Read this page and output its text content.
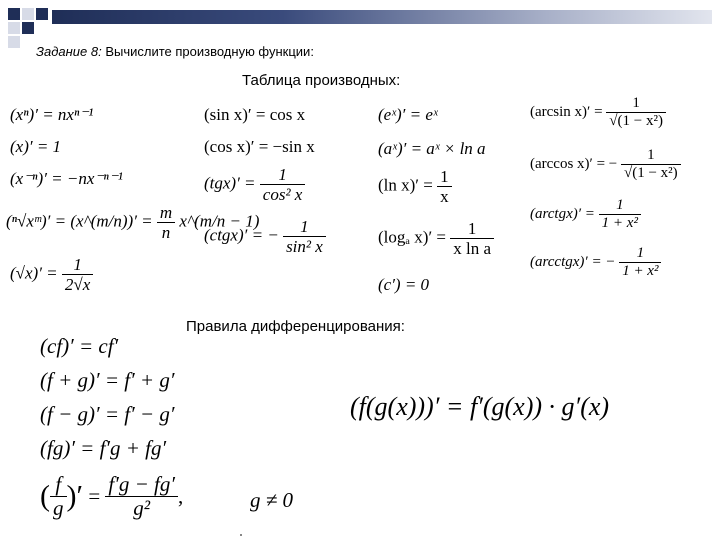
Задание 8: Вычислите производную функции:
Таблица производных:
(xⁿ)′ = nxⁿ⁻¹
(x)′ = 1
(x⁻ⁿ)′ = −nx⁻ⁿ⁻¹
(ⁿ√xᵐ)′ = (x^(m/n))′ = $\frac{m}{n}$ x^(m/n − 1)
$(√x)' = \frac{1}{2√x}$
(sin x)′ = cos x
(cos x)′ = −sin x
$(tgx)' = \frac{1}{\text{cos² x}}$
(ctgx)′ = − $\frac{1}{\text{sin² x}}$
(eˣ)′ = eˣ
(aˣ)′ = aˣ × ln a
(ln $x)' = \frac{1}{x}$
(logₐ $x)' = \frac{1}{\text{x ln a}}$
(c′) = 0
(arcsin $x)' = \frac{1}{\text{√(1 − x²)}}$
(arccos x)′ = − $\frac{1}{\text{√(1 − x²)}}$
(arctgx)′ = $\frac{1}{\text{1 + x²}}$
(arcctgx)′ = − $\frac{1}{\text{1 + x²}}$
Правила дифференцирования:
(cf)′ = cf′
(f + g)′ = f′ + g′
(f − g)′ = f′ − g′
(fg)′ = f′g + fg′
( $\frac{f}{g}$ )′ = $\frac{f'g - fg'}{\text{g²}}$ ,	g ≠ 0
(f(g(x)))′ = f′(g(x)) · g′(x)
